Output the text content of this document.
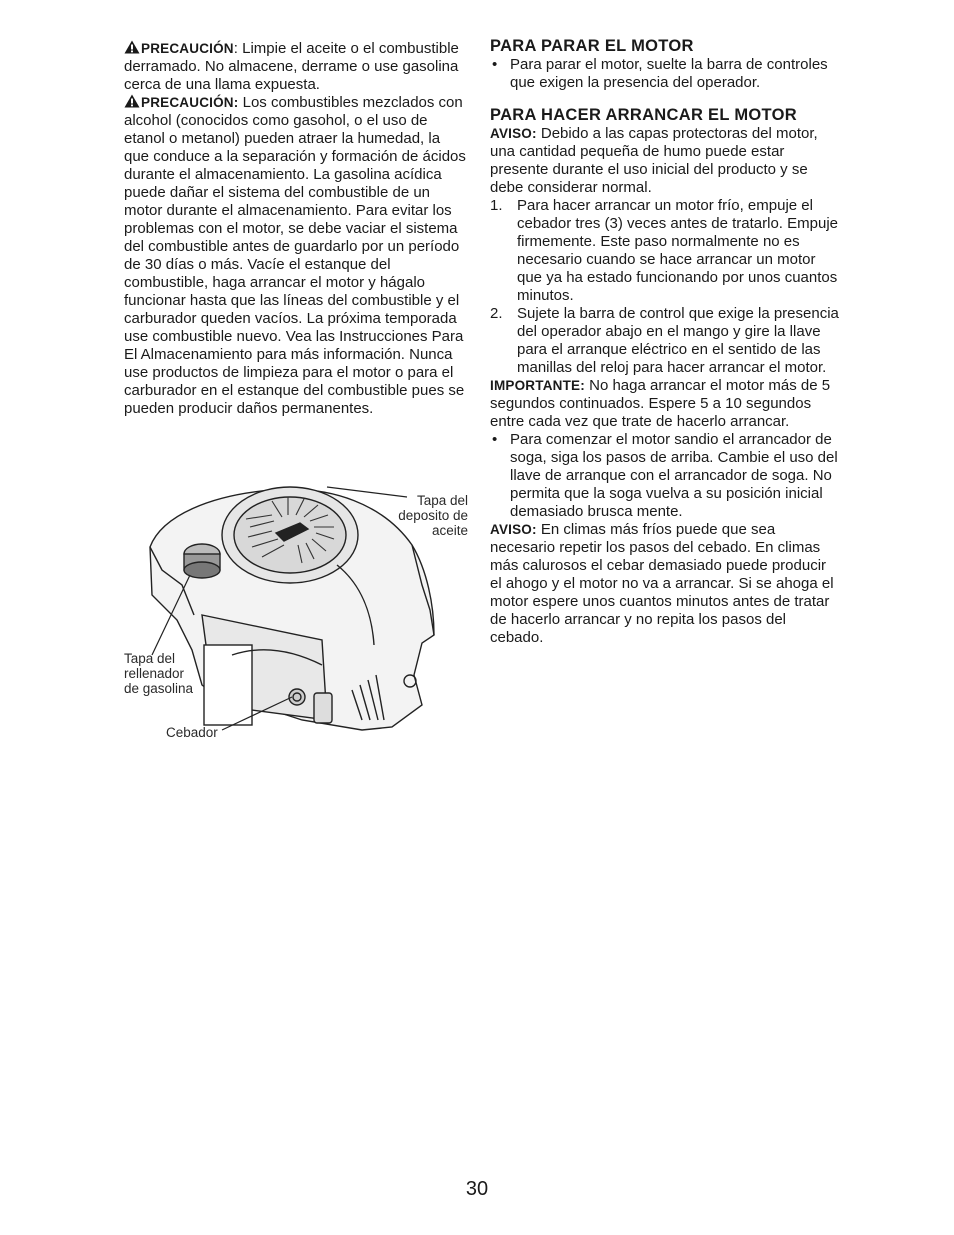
PRECAUCIÓN: Limpie el aceite o el combustible derramado. No almacene, derrame o use gasolina cerca de una llama expuesta.

PRECAUCIÓN: Los combustibles mezclados con alcohol (conocidos como gasohol, o el uso de etanol o metanol) pueden atraer la humedad, la que conduce a la separación y formación de ácidos durante el almacenamiento. La gasolina acídica puede dañar el sistema del combustible de un motor durante el almacenamiento. Para evitar los problemas con el motor, se debe vaciar el sistema del combustible antes de guardarlo por un período de 30 días o más. Vacíe el estanque del combustible, haga arrancar el motor y hágalo funcionar hasta que las líneas del combustible y el carburador queden vacíos. La próxima temporada use combustible nuevo. Vea las Instrucciones Para El Almacenamiento para más información. Nunca use productos de limpieza para el motor o para el carburador en el estanque del combustible pues se pueden producir daños permanentes.

Tapa del deposito de aceite
Tapa del rellenador de gasolina
Cebador
PARA PARAR EL MOTOR
• Para parar el motor, suelte la barra de controles que exigen la presencia del operador.
PARA HACER ARRANCAR EL MOTOR

AVISO: Debido a las capas protectoras del motor, una cantidad pequeña de humo puede estar presente durante el uso inicial del producto y se debe considerar normal.

1. Para hacer arrancar un motor frío, empuje el cebador tres (3) veces antes de tratarlo. Empuje firmemente. Este paso normalmente no es necesario cuando se hace arrancar un motor que ya ha estado funcionando por unos cuantos minutos.
2. Sujete la barra de control que exige la presencia del operador abajo en el mango y gire la llave para el arranque eléctrico en el sentido de las manillas del reloj para hacer arrancar el motor.

IMPORTANTE: No haga arrancar el motor más de 5 segundos continuados. Espere 5 a 10 segundos entre cada vez que trate de hacerlo arrancar.

• Para comenzar el motor sandio el arrancador de soga, siga los pasos de arriba. Cambie el uso del llave de arranque con el arrancador de soga. No permita que la soga vuelva a su posición inicial demasiado brusca mente.

AVISO: En climas más fríos puede que sea necesario repetir los pasos del cebado. En climas más calurosos el cebar demasiado puede producir el ahogo y el motor no va a arrancar. Si se ahoga el motor espere unos cuantos minutos antes de tratar de hacerlo arrancar y no repita los pasos del cebado.

30
